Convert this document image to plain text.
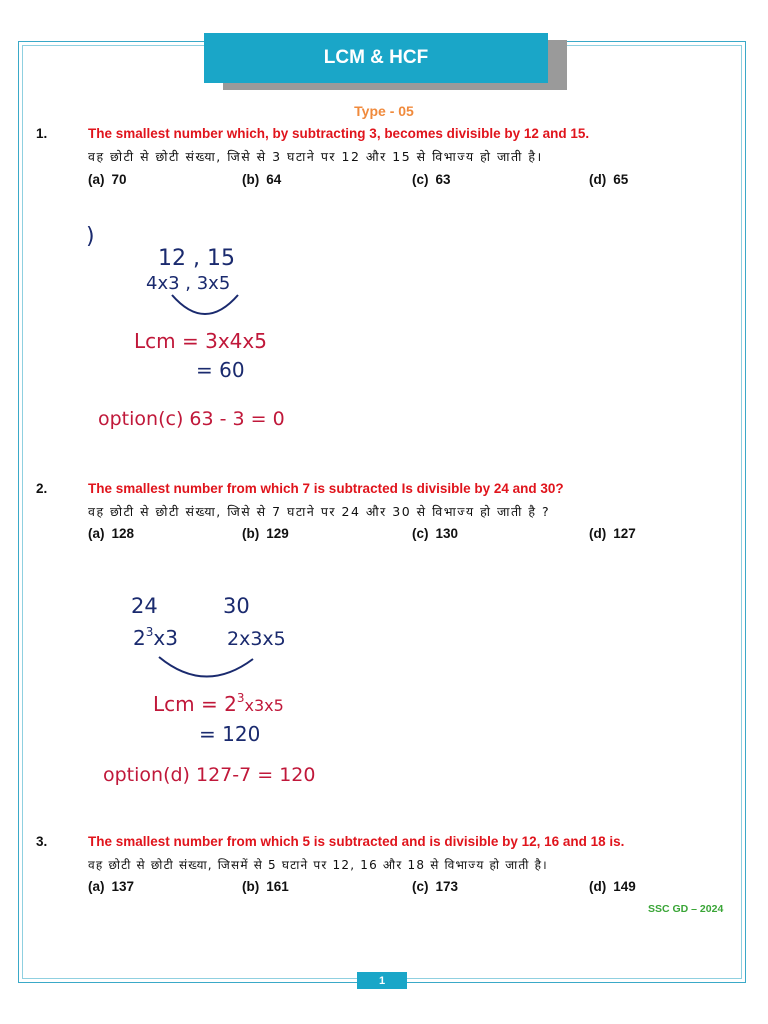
LCM & HCF
Type - 05
1.	The smallest number which, by subtracting 3, becomes divisible by 12 and 15.
वह छोटी से छोटी संख्या, जिसे से 3 घटाने पर 12 और 15 से विभाज्य हो जाती है।
(a) 70	(b) 64	(c) 63	(d) 65
)
12 , 15
4x3 , 3x5
Lcm = 3x4x5
= 60
option(c) 63 - 3 = 0
2.	The smallest number from which 7 is subtracted Is divisible by 24 and 30?
वह छोटी से छोटी संख्या, जिसे से 7 घटाने पर 24 और 30 से विभाज्य हो जाती है ?
(a) 128	(b) 129	(c) 130	(d) 127
24	30
$2^3x3$	2x3x5
Lcm = $2^3_{x3x5}$
= 120
option(d) 127-7 = 120
3.	The smallest number from which 5 is subtracted and is divisible by 12, 16 and 18 is.
वह छोटी से छोटी संख्या, जिसमें से 5 घटाने पर 12, 16 और 18 से विभाज्य हो जाती है।
(a) 137	(b) 161	(c) 173	(d) 149
SSC GD – 2024
1
